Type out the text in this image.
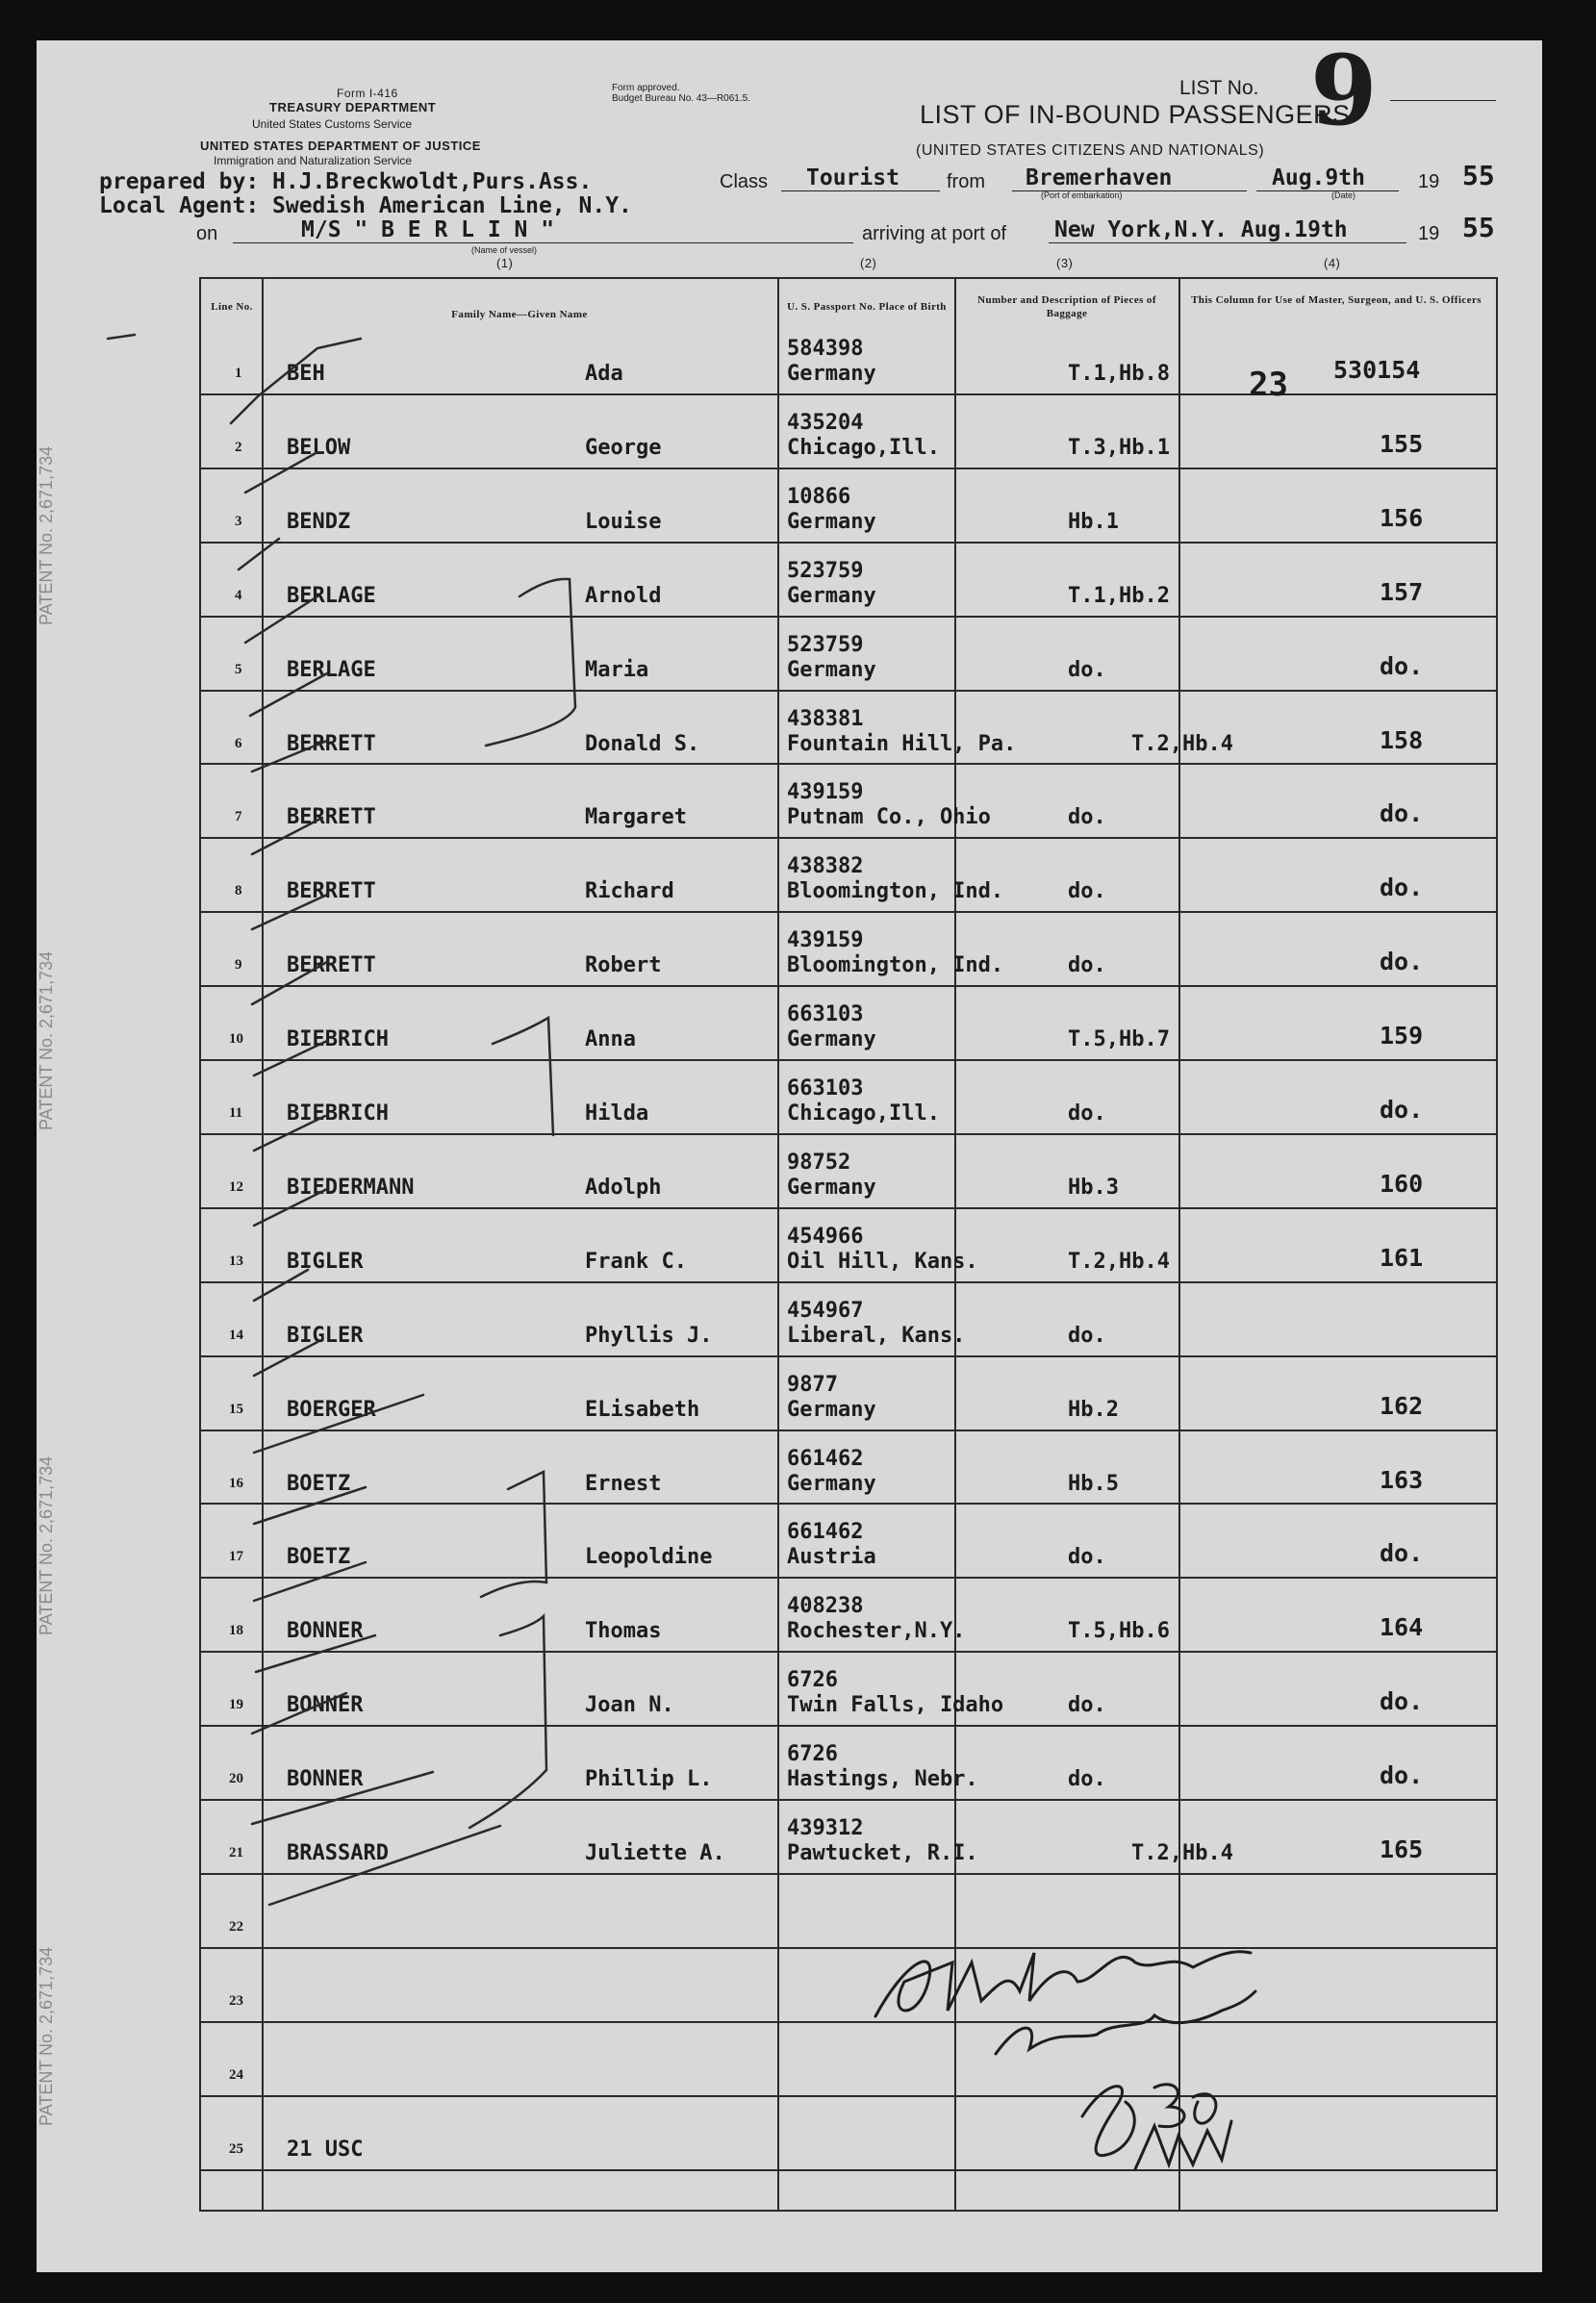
Form I-416
TREASURY DEPARTMENT
United States Customs Service
UNITED STATES DEPARTMENT OF JUSTICE
Immigration and Naturalization Service
Form approved.
Budget Bureau No. 43—R061.5.	LIST No. 9
LIST OF IN-BOUND PASSENGERS
(UNITED STATES CITIZENS AND NATIONALS)
prepared by: H.J.Breckwoldt,Purs.Ass.
Local Agent: Swedish American Line, N.Y.
Class Tourist from Bremerhaven
(Port of embarkation)
Aug.9th
(Date)
19 55
on	M/S " B E R L I N "
(Name of vessel)
arriving at port of New York,N.Y. Aug.19th	19 55
(1)	(2)	(3)	(4)
Line No.
Family Name—Given Name
U. S. Passport No. Place of Birth
Number and Description of Pieces of Baggage
This Column for Use of Master, Surgeon, and U. S. Officers
1 BEH	Ada
584398
Germany	T.1,Hb.8	530154
2 BELOW	George
435204
Chicago,Ill.	T.3,Hb.1	155
3 BENDZ	Louise
10866
Germany	Hb.1	156
4 BERLAGE	Arnold
523759
Germany	T.1,Hb.2	157
5 BERLAGE	Maria
523759
Germany	do.	do.
6 BERRETT	Donald S.
438381
Fountain Hill, Pa.	T.2,Hb.4	158
7 BERRETT	Margaret
439159
Putnam Co., Ohio	do.	do.
8 BERRETT	Richard
438382
Bloomington, Ind.	do.	do.
9 BERRETT	Robert
439159
Bloomington, Ind.	do.	do.
10 BIEBRICH	Anna
663103
Germany	T.5,Hb.7	159
11 BIEBRICH	Hilda
663103
Chicago,Ill.	do.	do.
12 BIEDERMANN	Adolph
98752
Germany	Hb.3	160
13 BIGLER	Frank C.
454966
Oil Hill, Kans.	T.2,Hb.4	161
14 BIGLER	Phyllis J.
454967
Liberal, Kans.	do.
15 BOERGER	ELisabeth
9877
Germany	Hb.2	162
16 BOETZ	Ernest
661462
Germany	Hb.5	163
17 BOETZ	Leopoldine
661462
Austria	do.	do.
18 BONNER	Thomas
408238
Rochester,N.Y.	T.5,Hb.6	164
19 BONNER	Joan N.
6726
Twin Falls, Idaho	do.	do.
20 BONNER	Phillip L.
6726
Hastings, Nebr.	do.	do.
21 BRASSARD	Juliette A.
439312
Pawtucket, R.I.	T.2,Hb.4	165
22
23
24
25 21 USC
23
